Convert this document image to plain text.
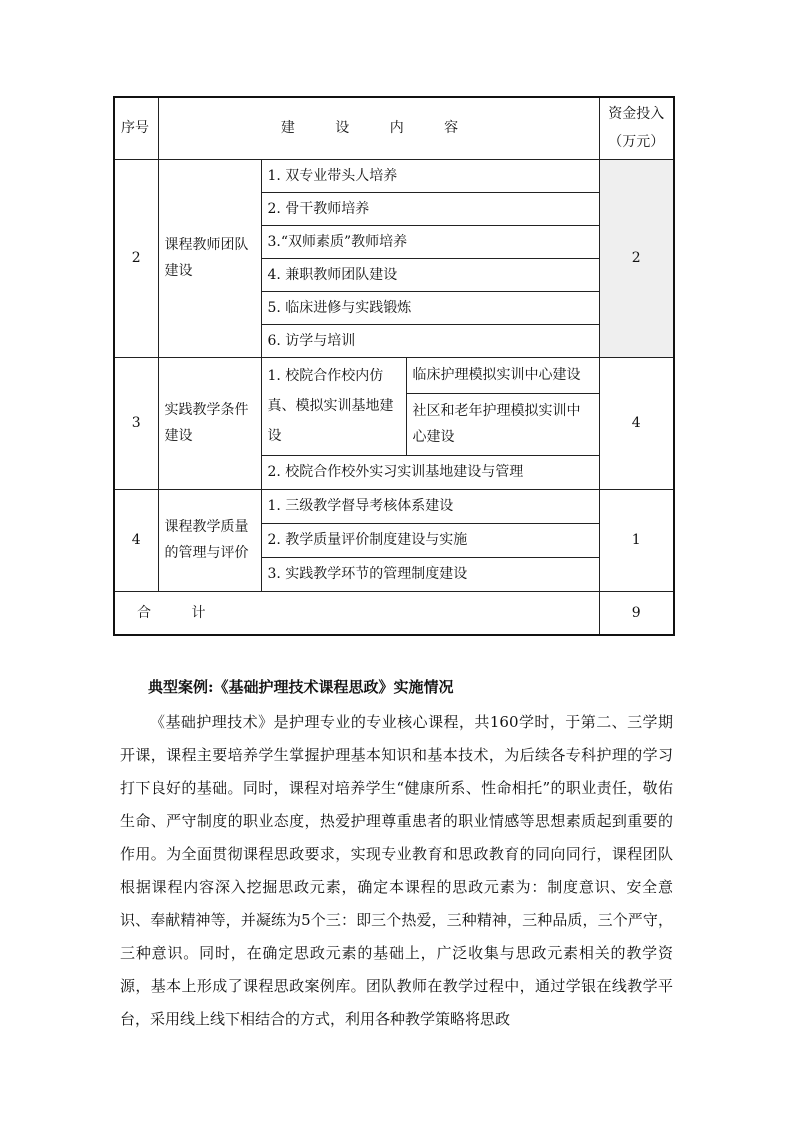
序号	建 设 内 容			资金投入（万元）
2	课程教师团队建设	1. 双专业带头人培养		2
		2. 骨干教师培养		
		3.“双师素质”教师培养		
		4. 兼职教师团队建设		
		5. 临床进修与实践锻炼		
		6. 访学与培训		
3	实践教学条件建设	1. 校院合作校内仿真、模拟实训基地建设	临床护理模拟实训中心建设	4
			社区和老年护理模拟实训中心建设	
		2. 校院合作校外实习实训基地建设与管理		
4	课程教学质量的管理与评价	1. 三级教学督导考核体系建设		1
		2. 教学质量评价制度建设与实施		
		3. 实践教学环节的管理制度建设		
合 计				9
典型案例:《基础护理技术课程思政》实施情况

《基础护理技术》是护理专业的专业核心课程，共160学时，于第二、三学期开课，课程主要培养学生掌握护理基本知识和基本技术，为后续各专科护理的学习打下良好的基础。同时，课程对培养学生“健康所系、性命相托”的职业责任，敬佑生命、严守制度的职业态度，热爱护理尊重患者的职业情感等思想素质起到重要的作用。为全面贯彻课程思政要求，实现专业教育和思政教育的同向同行，课程团队根据课程内容深入挖掘思政元素，确定本课程的思政元素为：制度意识、安全意识、奉献精神等，并凝练为5个三：即三个热爱，三种精神，三种品质，三个严守，三种意识。同时，在确定思政元素的基础上，广泛收集与思政元素相关的教学资源，基本上形成了课程思政案例库。团队教师在教学过程中，通过学银在线教学平台，采用线上线下相结合的方式，利用各种教学策略将思政
